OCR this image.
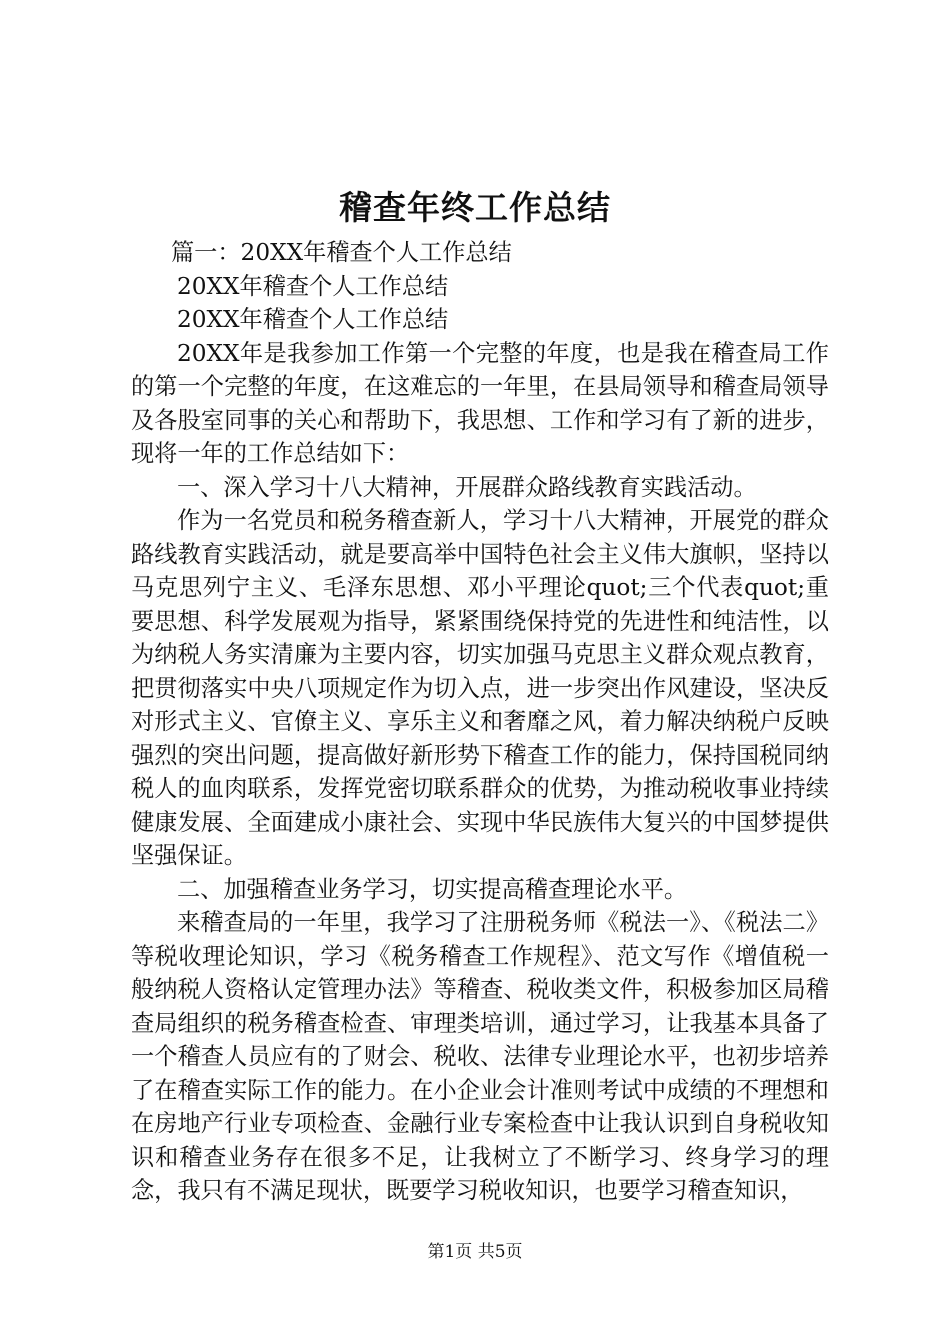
稽查年终工作总结

篇一：20XX年稽查个人工作总结

20XX年稽查个人工作总结

20XX年稽查个人工作总结

20XX年是我参加工作第一个完整的年度，也是我在稽查局工作的第一个完整的年度，在这难忘的一年里，在县局领导和稽查局领导及各股室同事的关心和帮助下，我思想、工作和学习有了新的进步，现将一年的工作总结如下：

一、深入学习十八大精神，开展群众路线教育实践活动。

作为一名党员和税务稽查新人，学习十八大精神，开展党的群众路线教育实践活动，就是要高举中国特色社会主义伟大旗帜，坚持以马克思列宁主义、毛泽东思想、邓小平理论quot;三个代表quot;重要思想、科学发展观为指导，紧紧围绕保持党的先进性和纯洁性，以为纳税人务实清廉为主要内容，切实加强马克思主义群众观点教育，把贯彻落实中央八项规定作为切入点，进一步突出作风建设，坚决反对形式主义、官僚主义、享乐主义和奢靡之风，着力解决纳税户反映强烈的突出问题，提高做好新形势下稽查工作的能力，保持国税同纳税人的血肉联系，发挥党密切联系群众的优势，为推动税收事业持续健康发展、全面建成小康社会、实现中华民族伟大复兴的中国梦提供坚强保证。

二、加强稽查业务学习，切实提高稽查理论水平。

来稽查局的一年里，我学习了注册税务师《税法一》、《税法二》等税收理论知识，学习《税务稽查工作规程》、范文写作《增值税一般纳税人资格认定管理办法》等稽查、税收类文件，积极参加区局稽查局组织的税务稽查检查、审理类培训，通过学习，让我基本具备了一个稽查人员应有的了财会、税收、法律专业理论水平，也初步培养了在稽查实际工作的能力。在小企业会计准则考试中成绩的不理想和在房地产行业专项检查、金融行业专案检查中让我认识到自身税收知识和稽查业务存在很多不足，让我树立了不断学习、终身学习的理念，我只有不满足现状，既要学习税收知识，也要学习稽查知识，

第1页 共5页
